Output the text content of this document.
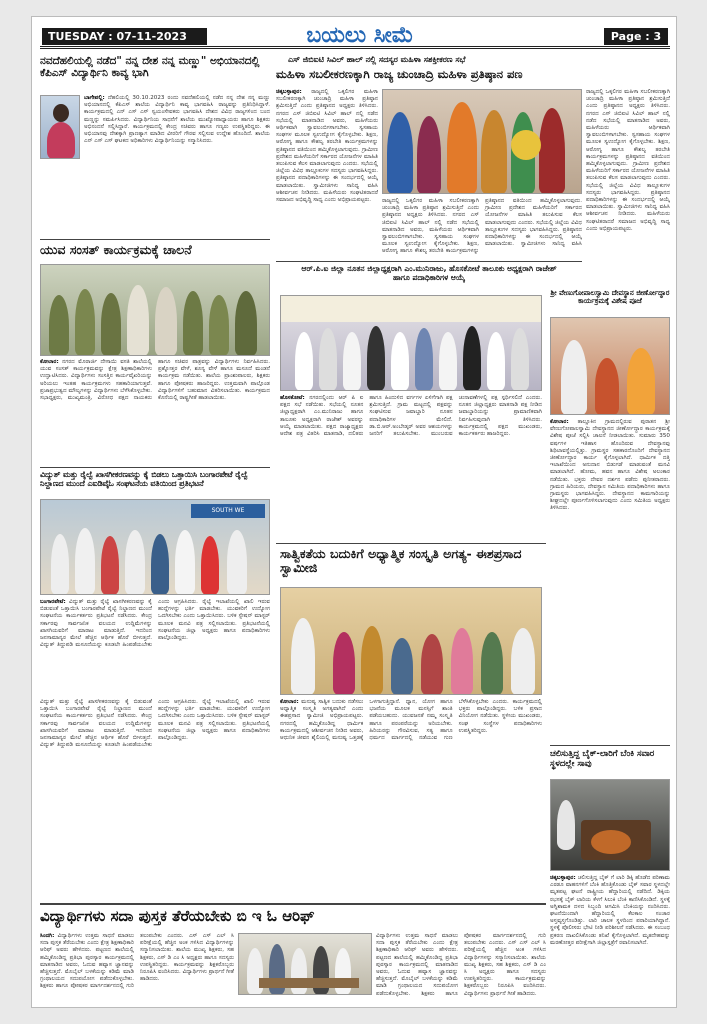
TUESDAY : 07-11-2023	ಬಯಲು ಸೀಮೆ	Page : 3
ನವದೆಹಲಿಯಲ್ಲಿ ನಡೆದ" ನನ್ನ ದೇಶ ನನ್ನ ಮಣ್ಣು" ಅಭಿಯಾನದಲ್ಲಿ ಕೆಪಿಎಸ್ ವಿದ್ಯಾರ್ಥಿನಿ ಕಾವ್ಯ ಭಾಗಿ
ಬಾಗೇಪಲ್ಲಿ: ದೆಹಲಿಯಲ್ಲಿ 30.10.2023 ರಂದು ನವದೆಹಲಿಯಲ್ಲಿ ನಡೆದ ನನ್ನ ದೇಶ ನನ್ನ ಮಣ್ಣು ಅಭಿಯಾನದಲ್ಲಿ ಕೆಪಿಎಸ್ ಶಾಲೆಯ ವಿದ್ಯಾರ್ಥಿನಿ ಕಾವ್ಯ ಭಾಗವಹಿಸಿ ರಾಜ್ಯವನ್ನು ಪ್ರತಿನಿಧಿಸಿದ್ದಾಳೆ. ಕಾರ್ಯಕ್ರಮದಲ್ಲಿ ಎನ್ ಎಸ್ ಎಸ್ ಸ್ವಯಂಸೇವಕರು ಭಾಗವಹಿಸಿ ದೇಶದ ವಿವಿಧ ರಾಜ್ಯಗಳಿಂದ ಬಂದ ಮಣ್ಣನ್ನು ಸಮರ್ಪಿಸಿದರು. ವಿದ್ಯಾರ್ಥಿನಿಯ ಸಾಧನೆಗೆ ಶಾಲೆಯ ಮುಖ್ಯೋಪಾಧ್ಯಾಯರು ಹಾಗೂ ಶಿಕ್ಷಕರು ಅಭಿನಂದನೆ ಸಲ್ಲಿಸಿದ್ದಾರೆ. ಕಾರ್ಯಕ್ರಮದಲ್ಲಿ ಕೇಂದ್ರ ಸಚಿವರು ಹಾಗೂ ಗಣ್ಯರು ಉಪಸ್ಥಿತರಿದ್ದರು. ಈ ಅಭಿಯಾನವು ದೇಶಕ್ಕಾಗಿ ಪ್ರಾಣತ್ಯಾಗ ಮಾಡಿದ ವೀರರಿಗೆ ಗೌರವ ಸಲ್ಲಿಸುವ ಉದ್ದೇಶ ಹೊಂದಿದೆ. ಶಾಲೆಯ ಎನ್ ಎಸ್ ಎಸ್ ಘಟಕದ ಅಧಿಕಾರಿಗಳು ವಿದ್ಯಾರ್ಥಿನಿಯನ್ನು ಸನ್ಮಾನಿಸಿದರು.
ಯುವ ಸಂಸತ್ ಕಾರ್ಯಕ್ರಮಕ್ಕೆ ಚಾಲನೆ
ಕೋಲಾರ: ನಗರದ ಮೊರಾರ್ಜಿ ದೇಸಾಯಿ ವಸತಿ ಶಾಲೆಯಲ್ಲಿ ಯುವ ಸಂಸತ್ ಕಾರ್ಯಕ್ರಮವನ್ನು ಕ್ಷೇತ್ರ ಶಿಕ್ಷಣಾಧಿಕಾರಿಗಳು ಉದ್ಘಾಟಿಸಿದರು. ವಿದ್ಯಾರ್ಥಿಗಳು ಸಂಸತ್ತಿನ ಕಾರ್ಯವೈಖರಿಯನ್ನು ಅರಿಯಲು ಇಂತಹ ಕಾರ್ಯಕ್ರಮಗಳು ಸಹಕಾರಿಯಾಗುತ್ತವೆ. ಪ್ರಜಾಪ್ರಭುತ್ವದ ಮೌಲ್ಯಗಳನ್ನು ವಿದ್ಯಾರ್ಥಿಗಳು ಬೆಳೆಸಿಕೊಳ್ಳಬೇಕು. ಸಭಾಧ್ಯಕ್ಷರು, ಮುಖ್ಯಮಂತ್ರಿ, ವಿರೋಧ ಪಕ್ಷದ ನಾಯಕರು ಹಾಗೂ ಸಚಿವರ ಪಾತ್ರವನ್ನು ವಿದ್ಯಾರ್ಥಿಗಳು ನಿರ್ವಹಿಸಿದರು. ಪ್ರಶ್ನೋತ್ತರ ವೇಳೆ, ಶೂನ್ಯ ವೇಳೆ ಹಾಗೂ ಮಸೂದೆ ಮಂಡನೆ ಕಾರ್ಯಕ್ರಮ ನಡೆಯಿತು. ಶಾಲೆಯ ಪ್ರಾಂಶುಪಾಲರು, ಶಿಕ್ಷಕರು ಹಾಗೂ ಪೋಷಕರು ಹಾಜರಿದ್ದರು. ಉತ್ತಮವಾಗಿ ಪಾಲ್ಗೊಂಡ ವಿದ್ಯಾರ್ಥಿಗಳಿಗೆ ಬಹುಮಾನ ವಿತರಿಸಲಾಯಿತು. ಕಾರ್ಯಕ್ರಮದ ಕೊನೆಯಲ್ಲಿ ರಾಷ್ಟ್ರಗೀತೆ ಹಾಡಲಾಯಿತು.
ವಿದ್ಯುತ್ ಮತ್ತು ರೈಲ್ವೆ ಖಾಸಗೀಕರಣವನ್ನು ಕೈ ಬಿಡಲು ಒತ್ತಾಯಿಸಿ ಬಂಗಾರಪೇಟೆ ರೈಲ್ವೆ ನಿಲ್ದಾಣದ ಮುಂದೆ ಎಐಡಿವೈಓ ಸಂಘಟನೆಯ ವತಿಯಿಂದ ಪ್ರತಿಭಟನೆ
SOUTH WE
ಬಂಗಾರಪೇಟೆ: ವಿದ್ಯುತ್ ಮತ್ತು ರೈಲ್ವೆ ಖಾಸಗೀಕರಣವನ್ನು ಕೈ ಬಿಡುವಂತೆ ಒತ್ತಾಯಿಸಿ ಬಂಗಾರಪೇಟೆ ರೈಲ್ವೆ ನಿಲ್ದಾಣದ ಮುಂದೆ ಸಂಘಟನೆಯ ಕಾರ್ಯಕರ್ತರು ಪ್ರತಿಭಟನೆ ನಡೆಸಿದರು. ಕೇಂದ್ರ ಸರ್ಕಾರವು ಸಾರ್ವಜನಿಕ ವಲಯದ ಉದ್ದಿಮೆಗಳನ್ನು ಖಾಸಗಿಯವರಿಗೆ ಮಾರಾಟ ಮಾಡುತ್ತಿದೆ. ಇದರಿಂದ ಜನಸಾಮಾನ್ಯರ ಮೇಲೆ ಹೆಚ್ಚಿನ ಆರ್ಥಿಕ ಹೊರೆ ಬೀಳುತ್ತದೆ. ವಿದ್ಯುತ್ ತಿದ್ದುಪಡಿ ಮಸೂದೆಯನ್ನು ಕೂಡಲೇ ಹಿಂಪಡೆಯಬೇಕು ಎಂದು ಆಗ್ರಹಿಸಿದರು. ರೈಲ್ವೆ ಇಲಾಖೆಯಲ್ಲಿ ಖಾಲಿ ಇರುವ ಹುದ್ದೆಗಳನ್ನು ಭರ್ತಿ ಮಾಡಬೇಕು. ಯುವಕರಿಗೆ ಉದ್ಯೋಗ ಒದಗಿಸಬೇಕು ಎಂದು ಒತ್ತಾಯಿಸಿದರು. ಬಳಿಕ ಸ್ಟೇಷನ್ ಮಾಸ್ಟರ್ ಮೂಲಕ ಮನವಿ ಪತ್ರ ಸಲ್ಲಿಸಲಾಯಿತು. ಪ್ರತಿಭಟನೆಯಲ್ಲಿ ಸಂಘಟನೆಯ ಜಿಲ್ಲಾ ಅಧ್ಯಕ್ಷರು ಹಾಗೂ ಪದಾಧಿಕಾರಿಗಳು ಪಾಲ್ಗೊಂಡಿದ್ದರು.
ಎಸ್ ಜಿಬಿಐಟಿ ಸಿವಿಲ್ ಹಾಲ್ ನಲ್ಲಿ ಸದಸ್ಯರ ಮಹಿಳಾ ಸಶಕ್ತೀಕರಣ ಸಭೆ
ಮಹಿಳಾ ಸಬಲೀಕರಣಕ್ಕಾಗಿ ರಾಜ್ಯ ಚುಂಚಾದ್ರಿ ಮಹಿಳಾ ಪ್ರತಿಷ್ಠಾನ ಪಣ
ಚಿಕ್ಕಬಳ್ಳಾಪುರ: ರಾಜ್ಯದಲ್ಲಿ ಒಕ್ಕಲಿಗರ ಮಹಿಳಾ ಸಬಲೀಕರಣಕ್ಕಾಗಿ ಚುಂಚಾದ್ರಿ ಮಹಿಳಾ ಪ್ರತಿಷ್ಠಾನ ಶ್ರಮಿಸುತ್ತಿದೆ ಎಂದು ಪ್ರತಿಷ್ಠಾನದ ಅಧ್ಯಕ್ಷರು ತಿಳಿಸಿದರು. ನಗರದ ಎಸ್ ಜಿಬಿಐಟಿ ಸಿವಿಲ್ ಹಾಲ್ ನಲ್ಲಿ ನಡೆದ ಸಭೆಯಲ್ಲಿ ಮಾತನಾಡಿದ ಅವರು, ಮಹಿಳೆಯರು ಆರ್ಥಿಕವಾಗಿ ಸ್ವಾವಲಂಬಿಗಳಾಗಬೇಕು. ಸ್ವಸಹಾಯ ಸಂಘಗಳ ಮೂಲಕ ಸ್ವಉದ್ಯೋಗ ಕೈಗೊಳ್ಳಬೇಕು. ಶಿಕ್ಷಣ, ಆರೋಗ್ಯ ಹಾಗೂ ಕೌಶಲ್ಯ ತರಬೇತಿ ಕಾರ್ಯಕ್ರಮಗಳನ್ನು ಪ್ರತಿಷ್ಠಾನದ ವತಿಯಿಂದ ಹಮ್ಮಿಕೊಳ್ಳಲಾಗುವುದು. ಗ್ರಾಮೀಣ ಪ್ರದೇಶದ ಮಹಿಳೆಯರಿಗೆ ಸರ್ಕಾರದ ಯೋಜನೆಗಳ ಮಾಹಿತಿ ತಲುಪಿಸುವ ಕೆಲಸ ಮಾಡಲಾಗುವುದು ಎಂದರು. ಸಭೆಯಲ್ಲಿ ಜಿಲ್ಲೆಯ ವಿವಿಧ ತಾಲ್ಲೂಕುಗಳ ಸದಸ್ಯರು ಭಾಗವಹಿಸಿದ್ದರು. ಪ್ರತಿಷ್ಠಾನದ ಪದಾಧಿಕಾರಿಗಳನ್ನು ಈ ಸಂದರ್ಭದಲ್ಲಿ ಆಯ್ಕೆ ಮಾಡಲಾಯಿತು. ಸ್ವಾಮೀಜಿಗಳು ಸಾನಿಧ್ಯ ವಹಿಸಿ ಆಶೀರ್ವಚನ ನೀಡಿದರು. ಮಹಿಳೆಯರು ಸಂಘಟಿತರಾದರೆ ಸಮಾಜದ ಅಭಿವೃದ್ಧಿ ಸಾಧ್ಯ ಎಂದು ಅಭಿಪ್ರಾಯಪಟ್ಟರು.	ರಾಜ್ಯದಲ್ಲಿ ಒಕ್ಕಲಿಗರ ಮಹಿಳಾ ಸಬಲೀಕರಣಕ್ಕಾಗಿ ಚುಂಚಾದ್ರಿ ಮಹಿಳಾ ಪ್ರತಿಷ್ಠಾನ ಶ್ರಮಿಸುತ್ತಿದೆ ಎಂದು ಪ್ರತಿಷ್ಠಾನದ ಅಧ್ಯಕ್ಷರು ತಿಳಿಸಿದರು. ನಗರದ ಎಸ್ ಜಿಬಿಐಟಿ ಸಿವಿಲ್ ಹಾಲ್ ನಲ್ಲಿ ನಡೆದ ಸಭೆಯಲ್ಲಿ ಮಾತನಾಡಿದ ಅವರು, ಮಹಿಳೆಯರು ಆರ್ಥಿಕವಾಗಿ ಸ್ವಾವಲಂಬಿಗಳಾಗಬೇಕು. ಸ್ವಸಹಾಯ ಸಂಘಗಳ ಮೂಲಕ ಸ್ವಉದ್ಯೋಗ ಕೈಗೊಳ್ಳಬೇಕು. ಶಿಕ್ಷಣ, ಆರೋಗ್ಯ ಹಾಗೂ ಕೌಶಲ್ಯ ತರಬೇತಿ ಕಾರ್ಯಕ್ರಮಗಳನ್ನು ಪ್ರತಿಷ್ಠಾನದ ವತಿಯಿಂದ ಹಮ್ಮಿಕೊಳ್ಳಲಾಗುವುದು. ಗ್ರಾಮೀಣ ಪ್ರದೇಶದ ಮಹಿಳೆಯರಿಗೆ ಸರ್ಕಾರದ ಯೋಜನೆಗಳ ಮಾಹಿತಿ ತಲುಪಿಸುವ ಕೆಲಸ ಮಾಡಲಾಗುವುದು ಎಂದರು. ಸಭೆಯಲ್ಲಿ ಜಿಲ್ಲೆಯ ವಿವಿಧ ತಾಲ್ಲೂಕುಗಳ ಸದಸ್ಯರು ಭಾಗವಹಿಸಿದ್ದರು. ಪ್ರತಿಷ್ಠಾನದ ಪದಾಧಿಕಾರಿಗಳನ್ನು ಈ ಸಂದರ್ಭದಲ್ಲಿ ಆಯ್ಕೆ ಮಾಡಲಾಯಿತು. ಸ್ವಾಮೀಜಿಗಳು ಸಾನಿಧ್ಯ ವಹಿಸಿ
ರಾಜ್ಯದಲ್ಲಿ ಒಕ್ಕಲಿಗರ ಮಹಿಳಾ ಸಬಲೀಕರಣಕ್ಕಾಗಿ ಚುಂಚಾದ್ರಿ ಮಹಿಳಾ ಪ್ರತಿಷ್ಠಾನ ಶ್ರಮಿಸುತ್ತಿದೆ ಎಂದು ಪ್ರತಿಷ್ಠಾನದ ಅಧ್ಯಕ್ಷರು ತಿಳಿಸಿದರು. ನಗರದ ಎಸ್ ಜಿಬಿಐಟಿ ಸಿವಿಲ್ ಹಾಲ್ ನಲ್ಲಿ ನಡೆದ ಸಭೆಯಲ್ಲಿ ಮಾತನಾಡಿದ ಅವರು, ಮಹಿಳೆಯರು ಆರ್ಥಿಕವಾಗಿ ಸ್ವಾವಲಂಬಿಗಳಾಗಬೇಕು. ಸ್ವಸಹಾಯ ಸಂಘಗಳ ಮೂಲಕ ಸ್ವಉದ್ಯೋಗ ಕೈಗೊಳ್ಳಬೇಕು. ಶಿಕ್ಷಣ, ಆರೋಗ್ಯ ಹಾಗೂ ಕೌಶಲ್ಯ ತರಬೇತಿ ಕಾರ್ಯಕ್ರಮಗಳನ್ನು ಪ್ರತಿಷ್ಠಾನದ ವತಿಯಿಂದ ಹಮ್ಮಿಕೊಳ್ಳಲಾಗುವುದು. ಗ್ರಾಮೀಣ ಪ್ರದೇಶದ ಮಹಿಳೆಯರಿಗೆ ಸರ್ಕಾರದ ಯೋಜನೆಗಳ ಮಾಹಿತಿ ತಲುಪಿಸುವ ಕೆಲಸ ಮಾಡಲಾಗುವುದು ಎಂದರು. ಸಭೆಯಲ್ಲಿ ಜಿಲ್ಲೆಯ ವಿವಿಧ ತಾಲ್ಲೂಕುಗಳ ಸದಸ್ಯರು ಭಾಗವಹಿಸಿದ್ದರು. ಪ್ರತಿಷ್ಠಾನದ ಪದಾಧಿಕಾರಿಗಳನ್ನು ಈ ಸಂದರ್ಭದಲ್ಲಿ ಆಯ್ಕೆ ಮಾಡಲಾಯಿತು. ಸ್ವಾಮೀಜಿಗಳು ಸಾನಿಧ್ಯ ವಹಿಸಿ ಆಶೀರ್ವಚನ ನೀಡಿದರು. ಮಹಿಳೆಯರು ಸಂಘಟಿತರಾದರೆ ಸಮಾಜದ ಅಭಿವೃದ್ಧಿ ಸಾಧ್ಯ ಎಂದು ಅಭಿಪ್ರಾಯಪಟ್ಟರು.
ಆರ್.ಪಿ.ಐ ಜಿಲ್ಲಾ ನೂತನ ಜಿಲ್ಲಾಧ್ಯಕ್ಷರಾಗಿ ಎಂ.ಮುನಿರಾಜು, ಹೊಸಕೋಟೆ ತಾಲೂಕು ಅಧ್ಯಕ್ಷರಾಗಿ ರಾಜೇಶ್ ಹಾಗೂ ಪದಾಧಿಕಾರಿಗಳ ಆಯ್ಕೆ
ಹೊಸಕೋಟೆ: ನಗರದಲ್ಲಿಂದು ಆರ್ ಪಿ ಐ ಪಕ್ಷದ ಸಭೆ ನಡೆಯಿತು. ಸಭೆಯಲ್ಲಿ ನೂತನ ಜಿಲ್ಲಾಧ್ಯಕ್ಷರಾಗಿ ಎಂ.ಮುನಿರಾಜು ಹಾಗೂ ತಾಲೂಕು ಅಧ್ಯಕ್ಷರಾಗಿ ರಾಜೇಶ್ ಅವರನ್ನು ಆಯ್ಕೆ ಮಾಡಲಾಯಿತು. ಪಕ್ಷದ ರಾಜ್ಯಾಧ್ಯಕ್ಷರು ಆದೇಶ ಪತ್ರ ವಿತರಿಸಿ ಮಾತನಾಡಿ, ದಲಿತರು ಹಾಗೂ ಹಿಂದುಳಿದ ವರ್ಗಗಳ ಏಳಿಗೆಗಾಗಿ ಪಕ್ಷ ಶ್ರಮಿಸುತ್ತಿದೆ. ಗ್ರಾಮ ಮಟ್ಟದಲ್ಲಿ ಪಕ್ಷವನ್ನು ಸಂಘಟಿಸುವ ಜವಾಬ್ದಾರಿ ನೂತನ ಪದಾಧಿಕಾರಿಗಳ ಮೇಲಿದೆ. ಡಾ.ಬಿ.ಆರ್.ಅಂಬೇಡ್ಕರ್ ಅವರ ಆಶಯಗಳನ್ನು ಜನರಿಗೆ ತಲುಪಿಸಬೇಕು. ಮುಂಬರುವ ಚುನಾವಣೆಗಳಲ್ಲಿ ಪಕ್ಷ ಸ್ಪರ್ಧಿಸಲಿದೆ ಎಂದರು. ನೂತನ ಜಿಲ್ಲಾಧ್ಯಕ್ಷರು ಮಾತನಾಡಿ ಪಕ್ಷ ನೀಡಿದ ಜವಾಬ್ದಾರಿಯನ್ನು ಪ್ರಾಮಾಣಿಕವಾಗಿ ನಿರ್ವಹಿಸುವುದಾಗಿ ತಿಳಿಸಿದರು. ಕಾರ್ಯಕ್ರಮದಲ್ಲಿ ಪಕ್ಷದ ಮುಖಂಡರು, ಕಾರ್ಯಕರ್ತರು ಹಾಜರಿದ್ದರು.
ಸಾತ್ವಿಕತೆಯ ಬದುಕಿಗೆ ಅಧ್ಯಾತ್ಮಿಕ ಸಂಸ್ಕೃತಿ ಅಗತ್ಯ- ಈಶಪ್ರಸಾದ ಸ್ವಾಮೀಜಿ
ಕೋಲಾರ: ಮನುಷ್ಯ ಸಾತ್ವಿಕ ಬದುಕು ನಡೆಸಲು ಅಧ್ಯಾತ್ಮಿಕ ಸಂಸ್ಕೃತಿ ಅಗತ್ಯವಾಗಿದೆ ಎಂದು ಈಶಪ್ರಸಾದ ಸ್ವಾಮೀಜಿ ಅಭಿಪ್ರಾಯಪಟ್ಟರು. ನಗರದಲ್ಲಿ ಹಮ್ಮಿಕೊಂಡಿದ್ದ ಧಾರ್ಮಿಕ ಕಾರ್ಯಕ್ರಮದಲ್ಲಿ ಆಶೀರ್ವಚನ ನೀಡಿದ ಅವರು, ಆಧುನಿಕ ಜೀವನ ಶೈಲಿಯಲ್ಲಿ ಮನುಷ್ಯ ಒತ್ತಡಕ್ಕೆ ಒಳಗಾಗುತ್ತಿದ್ದಾನೆ. ಧ್ಯಾನ, ಯೋಗ ಹಾಗೂ ಭಜನೆಯ ಮೂಲಕ ಮನಸ್ಸಿಗೆ ಶಾಂತಿ ಪಡೆಯಬಹುದು. ಯುವಜನತೆ ನಮ್ಮ ಸಂಸ್ಕೃತಿ ಹಾಗೂ ಪರಂಪರೆಯನ್ನು ಅರಿಯಬೇಕು. ಹಿರಿಯರನ್ನು ಗೌರವಿಸುವ, ಸತ್ಯ ಹಾಗೂ ಧರ್ಮದ ಮಾರ್ಗದಲ್ಲಿ ನಡೆಯುವ ಗುಣ ಬೆಳೆಸಿಕೊಳ್ಳಬೇಕು ಎಂದರು. ಕಾರ್ಯಕ್ರಮದಲ್ಲಿ ಭಕ್ತರು ಪಾಲ್ಗೊಂಡಿದ್ದರು. ಬಳಿಕ ಪ್ರಸಾದ ವಿನಿಯೋಗ ನಡೆಯಿತು. ಸ್ಥಳೀಯ ಮುಖಂಡರು, ಸಂಘ ಸಂಸ್ಥೆಗಳ ಪದಾಧಿಕಾರಿಗಳು ಉಪಸ್ಥಿತರಿದ್ದರು.
ವಿದ್ಯುತ್ ಮತ್ತು ರೈಲ್ವೆ ಖಾಸಗೀಕರಣವನ್ನು ಕೈ ಬಿಡುವಂತೆ ಒತ್ತಾಯಿಸಿ ಬಂಗಾರಪೇಟೆ ರೈಲ್ವೆ ನಿಲ್ದಾಣದ ಮುಂದೆ ಸಂಘಟನೆಯ ಕಾರ್ಯಕರ್ತರು ಪ್ರತಿಭಟನೆ ನಡೆಸಿದರು. ಕೇಂದ್ರ ಸರ್ಕಾರವು ಸಾರ್ವಜನಿಕ ವಲಯದ ಉದ್ದಿಮೆಗಳನ್ನು ಖಾಸಗಿಯವರಿಗೆ ಮಾರಾಟ ಮಾಡುತ್ತಿದೆ. ಇದರಿಂದ ಜನಸಾಮಾನ್ಯರ ಮೇಲೆ ಹೆಚ್ಚಿನ ಆರ್ಥಿಕ ಹೊರೆ ಬೀಳುತ್ತದೆ. ವಿದ್ಯುತ್ ತಿದ್ದುಪಡಿ ಮಸೂದೆಯನ್ನು ಕೂಡಲೇ ಹಿಂಪಡೆಯಬೇಕು ಎಂದು ಆಗ್ರಹಿಸಿದರು. ರೈಲ್ವೆ ಇಲಾಖೆಯಲ್ಲಿ ಖಾಲಿ ಇರುವ ಹುದ್ದೆಗಳನ್ನು ಭರ್ತಿ ಮಾಡಬೇಕು. ಯುವಕರಿಗೆ ಉದ್ಯೋಗ ಒದಗಿಸಬೇಕು ಎಂದು ಒತ್ತಾಯಿಸಿದರು. ಬಳಿಕ ಸ್ಟೇಷನ್ ಮಾಸ್ಟರ್ ಮೂಲಕ ಮನವಿ ಪತ್ರ ಸಲ್ಲಿಸಲಾಯಿತು. ಪ್ರತಿಭಟನೆಯಲ್ಲಿ ಸಂಘಟನೆಯ ಜಿಲ್ಲಾ ಅಧ್ಯಕ್ಷರು ಹಾಗೂ ಪದಾಧಿಕಾರಿಗಳು ಪಾಲ್ಗೊಂಡಿದ್ದರು.
ಶ್ರೀ ವೇಣುಗೋಪಾಲಸ್ವಾಮಿ ದೇವಸ್ಥಾನ ಜೀರ್ಣೋದ್ಧಾರ ಕಾರ್ಯಕ್ರಮಕ್ಕೆ ವಿಶೇಷ ಪೂಜೆ
ಕೋಲಾರ: ತಾಲ್ಲೂಕಿನ ಗ್ರಾಮದಲ್ಲಿರುವ ಪುರಾತನ ಶ್ರೀ ವೇಣುಗೋಪಾಲಸ್ವಾಮಿ ದೇವಸ್ಥಾನದ ಜೀರ್ಣೋದ್ಧಾರ ಕಾರ್ಯಕ್ರಮಕ್ಕೆ ವಿಶೇಷ ಪೂಜೆ ಸಲ್ಲಿಸಿ ಚಾಲನೆ ನೀಡಲಾಯಿತು. ಸುಮಾರು 350 ವರ್ಷಗಳ ಇತಿಹಾಸ ಹೊಂದಿರುವ ದೇವಸ್ಥಾನವು ಶಿಥಿಲಾವಸ್ಥೆಯಲ್ಲಿತ್ತು. ಗ್ರಾಮಸ್ಥರ ಸಹಕಾರದೊಂದಿಗೆ ದೇವಸ್ಥಾನದ ಜೀರ್ಣೋದ್ಧಾರ ಕಾರ್ಯ ಕೈಗೊಳ್ಳಲಾಗಿದೆ. ಧಾರ್ಮಿಕ ದತ್ತಿ ಇಲಾಖೆಯಿಂದ ಅನುದಾನ ಬಿಡುಗಡೆ ಮಾಡುವಂತೆ ಮನವಿ ಮಾಡಲಾಗಿದೆ. ಹೋಮ, ಹವನ ಹಾಗೂ ವಿಶೇಷ ಅಲಂಕಾರ ನಡೆಯಿತು. ಭಕ್ತರು ದೇವರ ದರ್ಶನ ಪಡೆದು ಪುನೀತರಾದರು. ಗ್ರಾಮದ ಹಿರಿಯರು, ದೇವಸ್ಥಾನ ಸಮಿತಿಯ ಪದಾಧಿಕಾರಿಗಳು ಹಾಗೂ ಗ್ರಾಮಸ್ಥರು ಭಾಗವಹಿಸಿದ್ದರು. ದೇವಸ್ಥಾನದ ಕಾಮಗಾರಿಯನ್ನು ಶೀಘ್ರದಲ್ಲೇ ಪೂರ್ಣಗೊಳಿಸಲಾಗುವುದು ಎಂದು ಸಮಿತಿಯ ಅಧ್ಯಕ್ಷರು ತಿಳಿಸಿದರು.
ಚಲಿಸುತ್ತಿದ್ದ ಬೈಕ್-ಲಾರಿಗೆ ಬೆಂಕಿ ಸವಾರ ಸ್ಥಳದಲ್ಲೇ ಸಾವು
ಚಿಕ್ಕಬಳ್ಳಾಪುರ: ಚಲಿಸುತ್ತಿದ್ದ ಬೈಕ್ ಗೆ ಲಾರಿ ಡಿಕ್ಕಿ ಹೊಡೆದ ಪರಿಣಾಮ ಎರಡೂ ವಾಹನಗಳಿಗೆ ಬೆಂಕಿ ಹೊತ್ತಿಕೊಂಡು ಬೈಕ್ ಸವಾರ ಸ್ಥಳದಲ್ಲೇ ಮೃತಪಟ್ಟ ಘಟನೆ ರಾಷ್ಟ್ರೀಯ ಹೆದ್ದಾರಿಯಲ್ಲಿ ನಡೆದಿದೆ. ಡಿಕ್ಕಿಯ ರಭಸಕ್ಕೆ ಬೈಕ್ ಲಾರಿಯ ಕೆಳಗೆ ಸಿಲುಕಿ ಬೆಂಕಿ ಕಾಣಿಸಿಕೊಂಡಿದೆ. ಸ್ಥಳಕ್ಕೆ ಅಗ್ನಿಶಾಮಕ ದಳದ ಸಿಬ್ಬಂದಿ ಆಗಮಿಸಿ ಬೆಂಕಿಯನ್ನು ನಂದಿಸಿದರು. ಘಟನೆಯಿಂದಾಗಿ ಹೆದ್ದಾರಿಯಲ್ಲಿ ಕೆಲಕಾಲ ಸಂಚಾರ ಅಸ್ತವ್ಯಸ್ತಗೊಂಡಿತ್ತು. ಲಾರಿ ಚಾಲಕ ಸ್ಥಳದಿಂದ ಪರಾರಿಯಾಗಿದ್ದಾನೆ. ಸ್ಥಳಕ್ಕೆ ಪೊಲೀಸರು ಭೇಟಿ ನೀಡಿ ಪರಿಶೀಲನೆ ನಡೆಸಿದರು. ಈ ಸಂಬಂಧ ಪ್ರಕರಣ ದಾಖಲಿಸಿಕೊಂಡು ತನಿಖೆ ಕೈಗೊಳ್ಳಲಾಗಿದೆ. ಮೃತದೇಹವನ್ನು ಮರಣೋತ್ತರ ಪರೀಕ್ಷೆಗಾಗಿ ಜಿಲ್ಲಾಸ್ಪತ್ರೆಗೆ ರವಾನಿಸಲಾಗಿದೆ.
ವಿದ್ಯಾರ್ಥಿಗಳು ಸದಾ ಪುಸ್ತಕ ತೆರೆಯಬೇಕು ಬಿ ಇ ಓ ಆರಿಫ್
ಸಿಂದಗಿ: ವಿದ್ಯಾರ್ಥಿಗಳು ಉತ್ತಮ ಸಾಧನೆ ಮಾಡಲು ಸದಾ ಪುಸ್ತಕ ತೆರೆಯಬೇಕು ಎಂದು ಕ್ಷೇತ್ರ ಶಿಕ್ಷಣಾಧಿಕಾರಿ ಆರಿಫ್ ಅವರು ಹೇಳಿದರು. ಪಟ್ಟಣದ ಶಾಲೆಯಲ್ಲಿ ಹಮ್ಮಿಕೊಂಡಿದ್ದ ಪ್ರತಿಭಾ ಪುರಸ್ಕಾರ ಕಾರ್ಯಕ್ರಮದಲ್ಲಿ ಮಾತನಾಡಿದ ಅವರು, ಓದುವ ಹವ್ಯಾಸ ಜ್ಞಾನವನ್ನು ಹೆಚ್ಚಿಸುತ್ತದೆ. ಮೊಬೈಲ್ ಬಳಕೆಯನ್ನು ಕಡಿಮೆ ಮಾಡಿ ಗ್ರಂಥಾಲಯದ ಸದುಪಯೋಗ ಪಡೆದುಕೊಳ್ಳಬೇಕು. ಶಿಕ್ಷಕರು ಹಾಗೂ ಪೋಷಕರ ಮಾರ್ಗದರ್ಶನದಲ್ಲಿ ಗುರಿ ತಲುಪಬೇಕು ಎಂದರು. ಎಸ್ ಎಸ್ ಎಲ್ ಸಿ ಪರೀಕ್ಷೆಯಲ್ಲಿ ಹೆಚ್ಚಿನ ಅಂಕ ಗಳಿಸಿದ ವಿದ್ಯಾರ್ಥಿಗಳನ್ನು ಸನ್ಮಾನಿಸಲಾಯಿತು. ಶಾಲೆಯ ಮುಖ್ಯ ಶಿಕ್ಷಕರು, ಸಹ ಶಿಕ್ಷಕರು, ಎಸ್ ಡಿ ಎಂ ಸಿ ಅಧ್ಯಕ್ಷರು ಹಾಗೂ ಸದಸ್ಯರು ಉಪಸ್ಥಿತರಿದ್ದರು. ಕಾರ್ಯಕ್ರಮವನ್ನು ಶಿಕ್ಷಕರೊಬ್ಬರು ನಿರೂಪಿಸಿ ವಂದಿಸಿದರು. ವಿದ್ಯಾರ್ಥಿಗಳು ಪ್ರಾರ್ಥನೆ ಗೀತೆ ಹಾಡಿದರು.
ವಿದ್ಯಾರ್ಥಿಗಳು ಉತ್ತಮ ಸಾಧನೆ ಮಾಡಲು ಸದಾ ಪುಸ್ತಕ ತೆರೆಯಬೇಕು ಎಂದು ಕ್ಷೇತ್ರ ಶಿಕ್ಷಣಾಧಿಕಾರಿ ಆರಿಫ್ ಅವರು ಹೇಳಿದರು. ಪಟ್ಟಣದ ಶಾಲೆಯಲ್ಲಿ ಹಮ್ಮಿಕೊಂಡಿದ್ದ ಪ್ರತಿಭಾ ಪುರಸ್ಕಾರ ಕಾರ್ಯಕ್ರಮದಲ್ಲಿ ಮಾತನಾಡಿದ ಅವರು, ಓದುವ ಹವ್ಯಾಸ ಜ್ಞಾನವನ್ನು ಹೆಚ್ಚಿಸುತ್ತದೆ. ಮೊಬೈಲ್ ಬಳಕೆಯನ್ನು ಕಡಿಮೆ ಮಾಡಿ ಗ್ರಂಥಾಲಯದ ಸದುಪಯೋಗ ಪಡೆದುಕೊಳ್ಳಬೇಕು. ಶಿಕ್ಷಕರು ಹಾಗೂ ಪೋಷಕರ ಮಾರ್ಗದರ್ಶನದಲ್ಲಿ ಗುರಿ ತಲುಪಬೇಕು ಎಂದರು. ಎಸ್ ಎಸ್ ಎಲ್ ಸಿ ಪರೀಕ್ಷೆಯಲ್ಲಿ ಹೆಚ್ಚಿನ ಅಂಕ ಗಳಿಸಿದ ವಿದ್ಯಾರ್ಥಿಗಳನ್ನು ಸನ್ಮಾನಿಸಲಾಯಿತು. ಶಾಲೆಯ ಮುಖ್ಯ ಶಿಕ್ಷಕರು, ಸಹ ಶಿಕ್ಷಕರು, ಎಸ್ ಡಿ ಎಂ ಸಿ ಅಧ್ಯಕ್ಷರು ಹಾಗೂ ಸದಸ್ಯರು ಉಪಸ್ಥಿತರಿದ್ದರು. ಕಾರ್ಯಕ್ರಮವನ್ನು ಶಿಕ್ಷಕರೊಬ್ಬರು ನಿರೂಪಿಸಿ ವಂದಿಸಿದರು. ವಿದ್ಯಾರ್ಥಿಗಳು ಪ್ರಾರ್ಥನೆ ಗೀತೆ ಹಾಡಿದರು.
